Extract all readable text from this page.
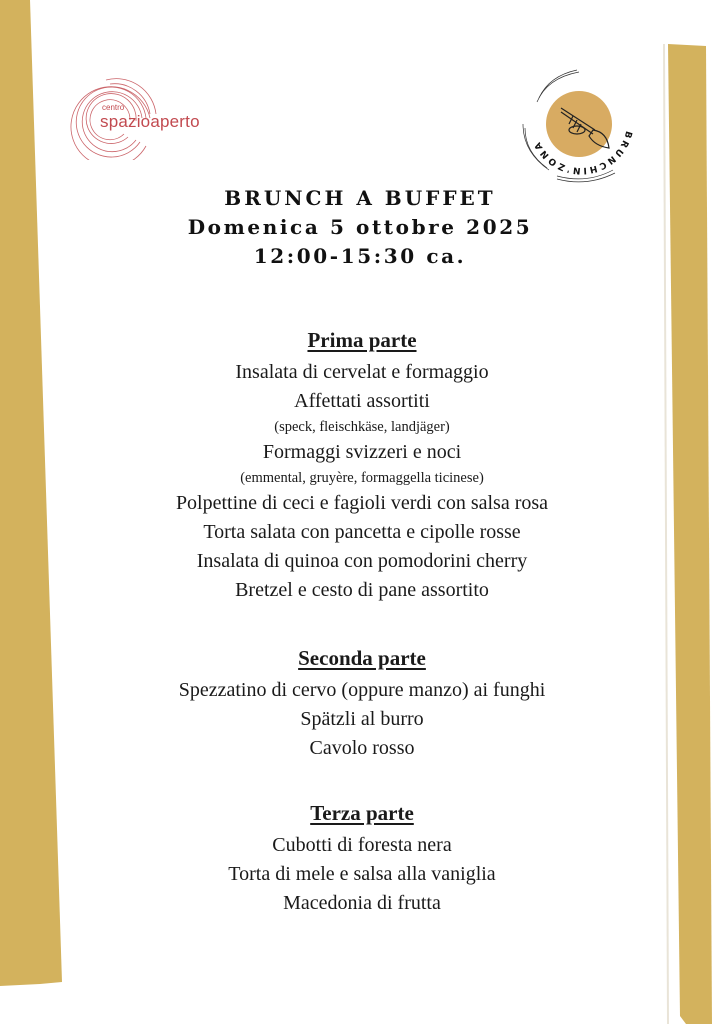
centro
spazioaperto
BRUNCHIN'ZONA
BRUNCH A BUFFET
Domenica 5 ottobre 2025
12:00-15:30 ca.
Prima parte
Insalata di cervelat e formaggio
Affettati assortiti
(speck, fleischkäse, landjäger)
Formaggi svizzeri e noci
(emmental, gruyère, formaggella ticinese)
Polpettine di ceci e fagioli verdi con salsa rosa
Torta salata con pancetta e cipolle rosse
Insalata di quinoa con pomodorini cherry
Bretzel e cesto di pane assortito
Seconda parte
Spezzatino di cervo (oppure manzo) ai funghi
Spätzli al burro
Cavolo rosso
Terza parte
Cubotti di foresta nera
Torta di mele e salsa alla vaniglia
Macedonia di frutta
